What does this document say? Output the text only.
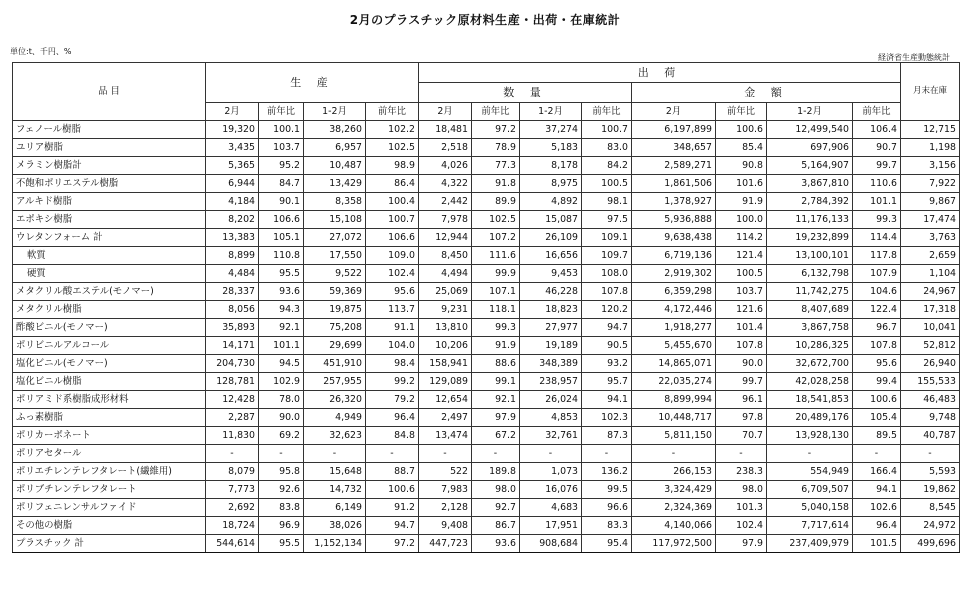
2月のプラスチック原材料生産・出荷・在庫統計
単位:t、千円、%
経済省生産動態統計
品 目	生 産				出 荷								月末在庫
					数 量				金 額				
	2月	前年比	1-2月	前年比	2月	前年比	1-2月	前年比	2月	前年比	1-2月	前年比	
フェノール樹脂	19,320	100.1	38,260	102.2	18,481	97.2	37,274	100.7	6,197,899	100.6	12,499,540	106.4	12,715
ユリア樹脂	3,435	103.7	6,957	102.5	2,518	78.9	5,183	83.0	348,657	85.4	697,906	90.7	1,198
メラミン樹脂計	5,365	95.2	10,487	98.9	4,026	77.3	8,178	84.2	2,589,271	90.8	5,164,907	99.7	3,156
不飽和ポリエステル樹脂	6,944	84.7	13,429	86.4	4,322	91.8	8,975	100.5	1,861,506	101.6	3,867,810	110.6	7,922
アルキド樹脂	4,184	90.1	8,358	100.4	2,442	89.9	4,892	98.1	1,378,927	91.9	2,784,392	101.1	9,867
エポキシ樹脂	8,202	106.6	15,108	100.7	7,978	102.5	15,087	97.5	5,936,888	100.0	11,176,133	99.3	17,474
ウレタンフォーム 計	13,383	105.1	27,072	106.6	12,944	107.2	26,109	109.1	9,638,438	114.2	19,232,899	114.4	3,763
軟質	8,899	110.8	17,550	109.0	8,450	111.6	16,656	109.7	6,719,136	121.4	13,100,101	117.8	2,659
硬質	4,484	95.5	9,522	102.4	4,494	99.9	9,453	108.0	2,919,302	100.5	6,132,798	107.9	1,104
メタクリル酸エステル(モノマー)	28,337	93.6	59,369	95.6	25,069	107.1	46,228	107.8	6,359,298	103.7	11,742,275	104.6	24,967
メタクリル樹脂	8,056	94.3	19,875	113.7	9,231	118.1	18,823	120.2	4,172,446	121.6	8,407,689	122.4	17,318
酢酸ビニル(モノマー)	35,893	92.1	75,208	91.1	13,810	99.3	27,977	94.7	1,918,277	101.4	3,867,758	96.7	10,041
ポリビニルアルコール	14,171	101.1	29,699	104.0	10,206	91.9	19,189	90.5	5,455,670	107.8	10,286,325	107.8	52,812
塩化ビニル(モノマー)	204,730	94.5	451,910	98.4	158,941	88.6	348,389	93.2	14,865,071	90.0	32,672,700	95.6	26,940
塩化ビニル樹脂	128,781	102.9	257,955	99.2	129,089	99.1	238,957	95.7	22,035,274	99.7	42,028,258	99.4	155,533
ポリアミド系樹脂成形材料	12,428	78.0	26,320	79.2	12,654	92.1	26,024	94.1	8,899,994	96.1	18,541,853	100.6	46,483
ふっ素樹脂	2,287	90.0	4,949	96.4	2,497	97.9	4,853	102.3	10,448,717	97.8	20,489,176	105.4	9,748
ポリカーボネート	11,830	69.2	32,623	84.8	13,474	67.2	32,761	87.3	5,811,150	70.7	13,928,130	89.5	40,787
ポリアセタール	-	-	-	-	-	-	-	-	-	-	-	-	-
ポリエチレンテレフタレート(繊維用)	8,079	95.8	15,648	88.7	522	189.8	1,073	136.2	266,153	238.3	554,949	166.4	5,593
ポリブチレンテレフタレート	7,773	92.6	14,732	100.6	7,983	98.0	16,076	99.5	3,324,429	98.0	6,709,507	94.1	19,862
ポリフェニレンサルファイド	2,692	83.8	6,149	91.2	2,128	92.7	4,683	96.6	2,324,369	101.3	5,040,158	102.6	8,545
その他の樹脂	18,724	96.9	38,026	94.7	9,408	86.7	17,951	83.3	4,140,066	102.4	7,717,614	96.4	24,972
プラスチック 計	544,614	95.5	1,152,134	97.2	447,723	93.6	908,684	95.4	117,972,500	97.9	237,409,979	101.5	499,696
